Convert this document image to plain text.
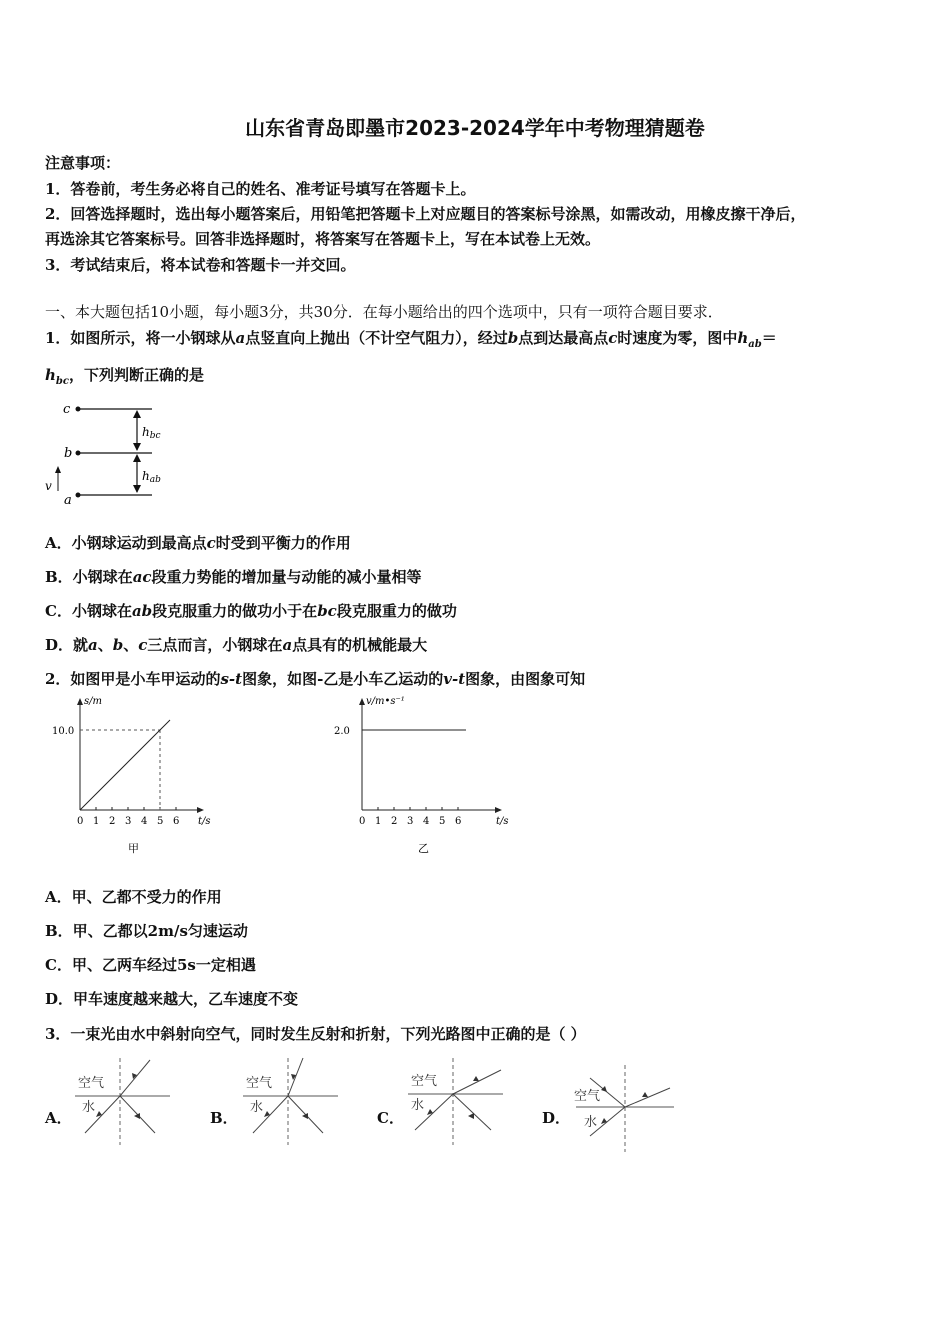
山东省青岛即墨市2023-2024学年中考物理猜题卷
注意事项：
1．答卷前，考生务必将自己的姓名、准考证号填写在答题卡上。
2．回答选择题时，选出每小题答案后，用铅笔把答题卡上对应题目的答案标号涂黑，如需改动，用橡皮擦干净后，
再选涂其它答案标号。回答非选择题时，将答案写在答题卡上，写在本试卷上无效。
3．考试结束后，将本试卷和答题卡一并交回。
一、本大题包括10小题，每小题3分，共30分．在每小题给出的四个选项中，只有一项符合题目要求．
1．如图所示，将一小钢球从a点竖直向上抛出（不计空气阻力），经过b点到达最高点c时速度为零，图中$h_{ab}=$
$h_{bc}$，下列判断正确的是
c
b
a
v
hbc
hab
A．小钢球运动到最高点c时受到平衡力的作用
B．小钢球在ac段重力势能的增加量与动能的减小量相等
C．小钢球在ab段克服重力的做功小于在bc段克服重力的做功
D．就a、b、c三点而言，小钢球在a点具有的机械能最大
2．如图甲是小车甲运动的s-t图象，如图-乙是小车乙运动的v-t图象，由图象可知
s/m
t/s
0 1 2 3 4 5 6
10.0
甲
v/m•s⁻¹
t/s
0 1 2 3 4 5 6
2.0
乙
A．甲、乙都不受力的作用
B．甲、乙都以2m/s匀速运动
C．甲、乙两车经过5s一定相遇
D．甲车速度越来越大，乙车速度不变
3．一束光由水中斜射向空气，同时发生反射和折射，下列光路图中正确的是（ ）
A．
空气
水
B．
空气
水
C．
空气
水
D．
空气
水
